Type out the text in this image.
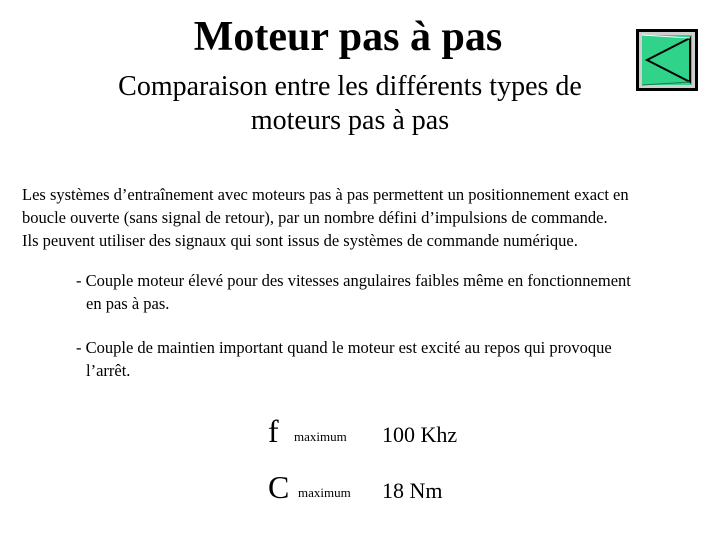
Moteur pas à pas
Comparaison entre les différents types de
moteurs pas à pas
Les systèmes d’entraînement avec moteurs pas à pas permettent un positionnement exact en
boucle ouverte (sans signal de retour), par un nombre défini d’impulsions de commande.
Ils peuvent utiliser des signaux qui sont issus de systèmes de commande numérique.
- Couple moteur élevé pour des vitesses angulaires faibles même en fonctionnement
en pas à pas.
- Couple de maintien important quand le moteur est excité au repos qui provoque
l’arrêt.
f maximum 100 Khz
C maximum 18 Nm
